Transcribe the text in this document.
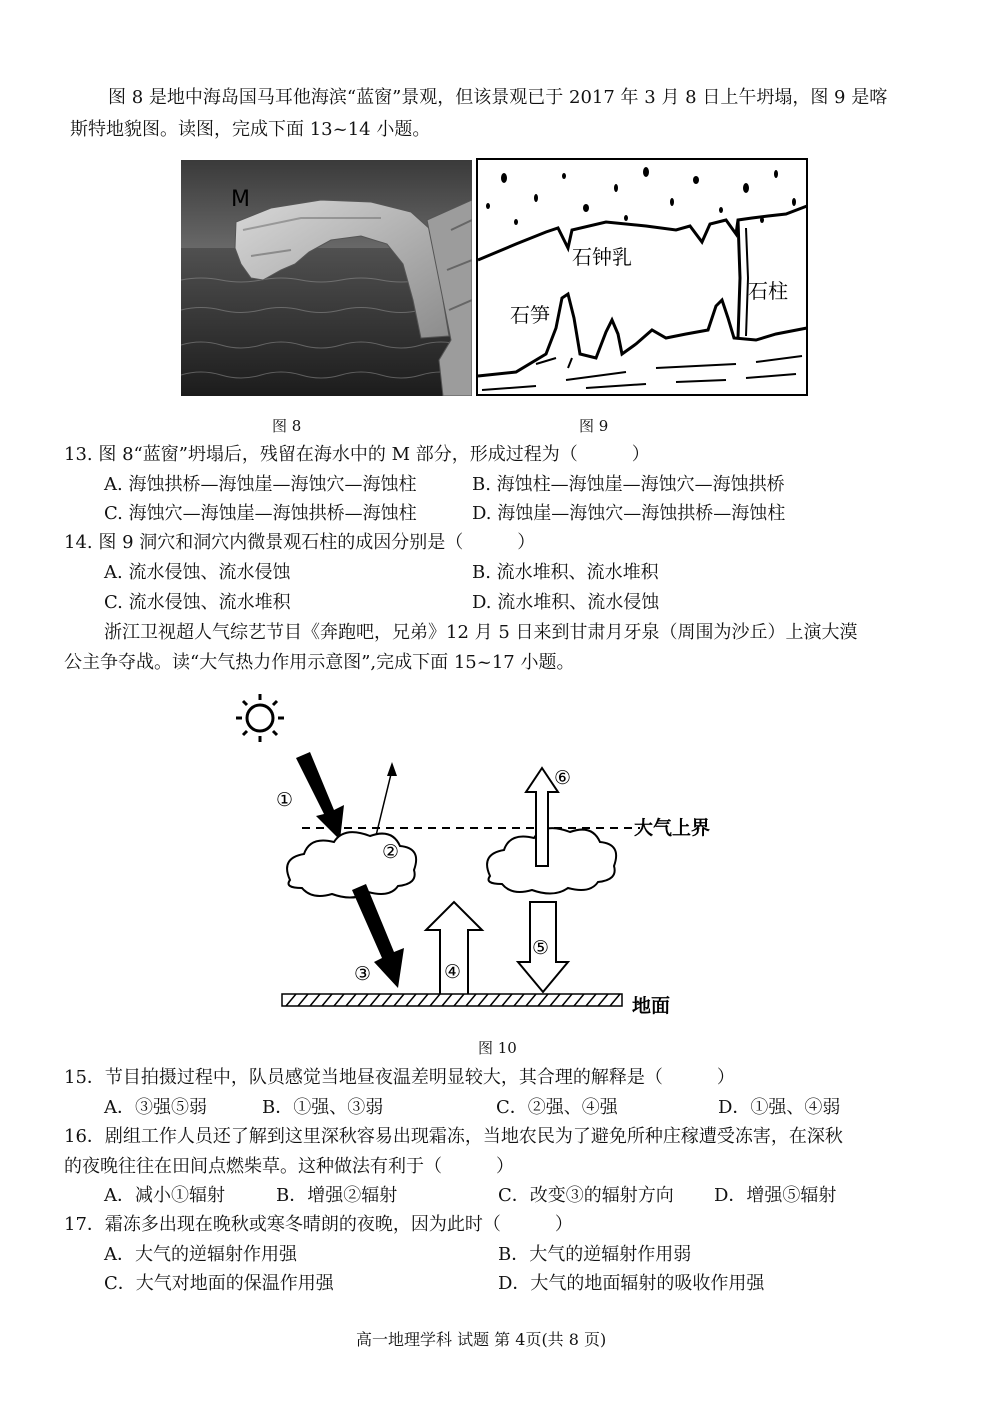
图 8 是地中海岛国马耳他海滨“蓝窗”景观，但该景观已于 2017 年 3 月 8 日上午坍塌，图 9 是喀
斯特地貌图。读图，完成下面 13~14 小题。
M
图 8
石钟乳
石柱
石笋
图 9
13. 图 8“蓝窗”坍塌后，残留在海水中的 M 部分，形成过程为（　　　）
A. 海蚀拱桥—海蚀崖—海蚀穴—海蚀柱	B. 海蚀柱—海蚀崖—海蚀穴—海蚀拱桥
C. 海蚀穴—海蚀崖—海蚀拱桥—海蚀柱	D. 海蚀崖—海蚀穴—海蚀拱桥—海蚀柱
14. 图 9 洞穴和洞穴内微景观石柱的成因分别是（　　　）
A. 流水侵蚀、流水侵蚀	B. 流水堆积、流水堆积
C. 流水侵蚀、流水堆积	D. 流水堆积、流水侵蚀
浙江卫视超人气综艺节目《奔跑吧，兄弟》12 月 5 日来到甘肃月牙泉（周围为沙丘）上演大漠
公主争夺战。读“大气热力作用示意图”,完成下面 15~17 小题。
大气上界
地面
①
②
③	④
⑤
⑥
图 10
15．节目拍摄过程中，队员感觉当地昼夜温差明显较大，其合理的解释是（　　　）
A．③强⑤弱	B．①强、③弱	C．②强、④强	D．①强、④弱
16．剧组工作人员还了解到这里深秋容易出现霜冻，当地农民为了避免所种庄稼遭受冻害，在深秋
的夜晚往往在田间点燃柴草。这种做法有利于（　　　）
A．减小①辐射	B．增强②辐射	C．改变③的辐射方向 D．增强⑤辐射
17．霜冻多出现在晚秋或寒冬晴朗的夜晚，因为此时（　　　）
A．大气的逆辐射作用强	B．大气的逆辐射作用弱
C．大气对地面的保温作用强	D．大气的地面辐射的吸收作用强
高一地理学科 试题 第 4页(共 8 页)
